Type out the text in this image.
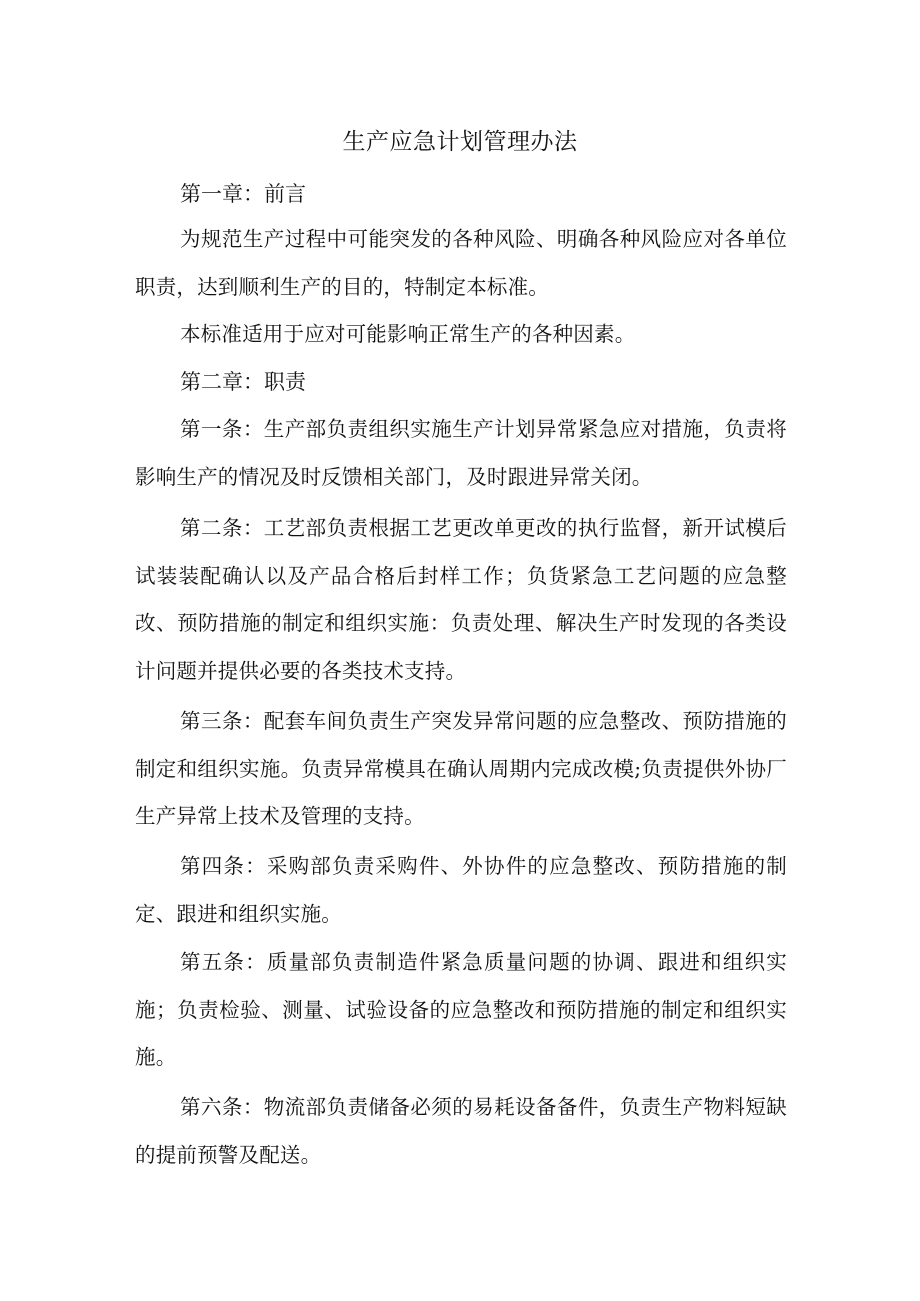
生产应急计划管理办法
第一章：前言
为规范生产过程中可能突发的各种风险、明确各种风险应对各单位职责，达到顺利生产的目的，特制定本标准。
本标准适用于应对可能影响正常生产的各种因素。
第二章：职责
第一条：生产部负责组织实施生产计划异常紧急应对措施，负责将影响生产的情况及时反馈相关部门，及时跟进异常关闭。
第二条：工艺部负责根据工艺更改单更改的执行监督，新开试模后试装装配确认以及产品合格后封样工作；负货紧急工艺问题的应急整改、预防措施的制定和组织实施：负责处理、解决生产时发现的各类设计问题并提供必要的各类技术支持。
第三条：配套车间负责生产突发异常问题的应急整改、预防措施的制定和组织实施。负责异常模具在确认周期内完成改模;负责提供外协厂生产异常上技术及管理的支持。
第四条：采购部负责采购件、外协件的应急整改、预防措施的制定、跟进和组织实施。
第五条：质量部负责制造件紧急质量问题的协调、跟进和组织实施；负责检验、测量、试验设备的应急整改和预防措施的制定和组织实施。
第六条：物流部负责储备必须的易耗设备备件，负责生产物料短缺的提前预警及配送。
